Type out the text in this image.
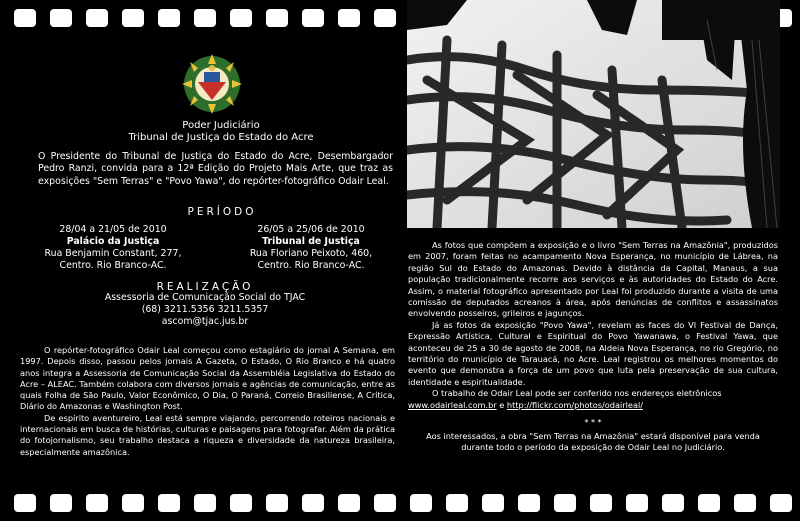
Poder Judiciário
Tribunal de Justiça do Estado do Acre
O Presidente do Tribunal de Justiça do Estado do Acre, Desembargador Pedro Ranzi, convida para a 12ª Edição do Projeto Mais Arte, que traz as exposições "Sem Terras" e "Povo Yawa", do repórter-fotográfico Odair Leal.
PERÍODO
28/04 a 21/05 de 2010
Palácio da Justiça
Rua Benjamin Constant, 277,
Centro. Rio Branco-AC.
26/05 a 25/06 de 2010
Tribunal de Justiça
Rua Floriano Peixoto, 460,
Centro. Rio Branco-AC.
REALIZAÇÃO
Assessoria de Comunicação Social do TJAC
(68) 3211.5356 3211.5357
ascom@tjac.jus.br

O repórter-fotográfico Odair Leal começou como estagiário do jornal A Semana, em 1997. Depois disso, passou pelos jornais A Gazeta, O Estado, O Rio Branco e há quatro anos integra a Assessoria de Comunicação Social da Assembléia Legislativa do Estado do Acre – ALEAC. Também colabora com diversos jornais e agências de comunicação, entre as quais Folha de São Paulo, Valor Econômico, O Dia, O Paraná, Correio Brasiliense, A Crítica, Diário do Amazonas e Washington Post.

De espírito aventureiro, Leal está sempre viajando, percorrendo roteiros nacionais e internacionais em busca de histórias, culturas e paisagens para fotografar. Além da prática do fotojornalismo, seu trabalho destaca a riqueza e diversidade da natureza brasileira, especialmente amazônica.

As fotos que compõem a exposição e o livro "Sem Terras na Amazônia", produzidos em 2007, foram feitas no acampamento Nova Esperança, no município de Lábrea, na região Sul do Estado do Amazonas. Devido à distância da Capital, Manaus, a sua população tradicionalmente recorre aos serviços e às autoridades do Estado do Acre. Assim, o material fotográfico apresentado por Leal foi produzido durante a visita de uma comissão de deputados acreanos à área, após denúncias de conflitos e assassinatos envolvendo posseiros, grileiros e jagunços.

Já as fotos da exposição "Povo Yawa", revelam as faces do VI Festival de Dança, Expressão Artística, Cultural e Espiritual do Povo Yawanawa, o Festival Yawa, que aconteceu de 25 a 30 de agosto de 2008, na Aldeia Nova Esperança, no rio Gregório, no território do município de Tarauacá, no Acre. Leal registrou os melhores momentos do evento que demonstra a força de um povo que luta pela preservação de sua cultura, identidade e espiritualidade.

O trabalho de Odair Leal pode ser conferido nos endereços eletrônicos
www.odairleal.com.br e http://flickr.com/photos/odairleal/

* * *
Aos interessados, a obra "Sem Terras na Amazônia" estará disponível para venda
durante todo o período da exposição de Odair Leal no Judiciário.
